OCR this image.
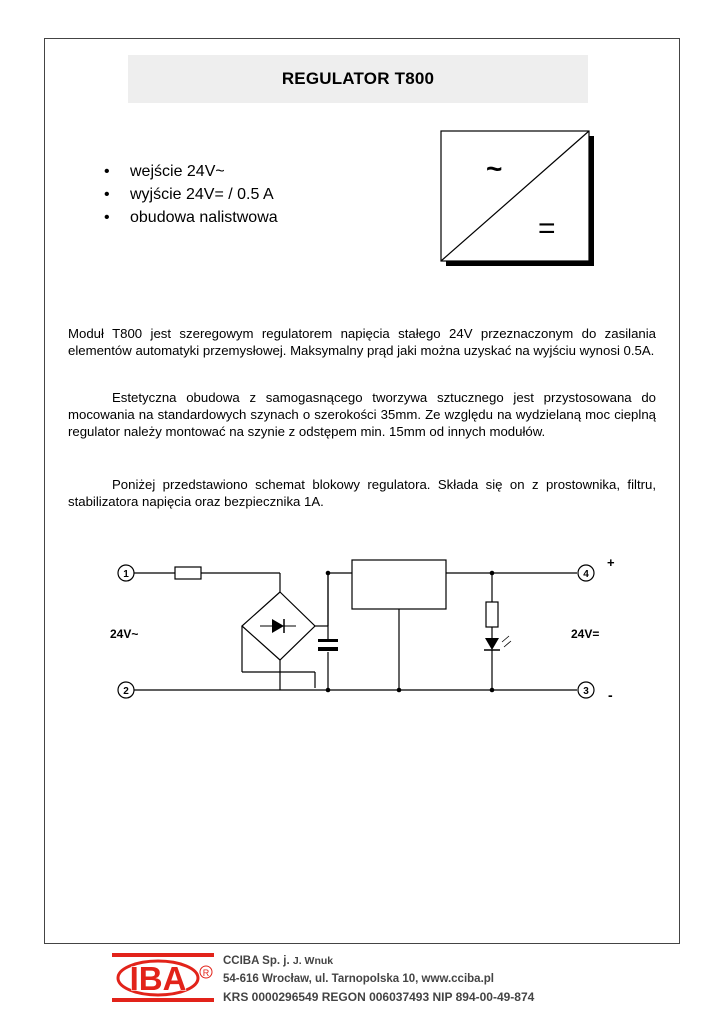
REGULATOR T800
• wejście 24V~
• wyjście 24V= / 0.5 A
• obudowa nalistwowa
~
=

Moduł T800 jest szeregowym regulatorem napięcia stałego 24V przeznaczonym do zasilania elementów automatyki przemysłowej. Maksymalny prąd jaki można uzyskać na wyjściu wynosi 0.5A.

Estetyczna obudowa z samogasnącego tworzywa sztucznego jest przystosowana do mocowania na standardowych szynach o szerokości 35mm. Ze względu na wydzielaną moc cieplną regulator należy montować na szynie z odstępem min. 15mm od innych modułów.

Poniżej przedstawiono schemat blokowy regulatora. Składa się on z prostownika, filtru, stabilizatora napięcia oraz bezpiecznika 1A.

1
2	3
4
24V~	24V=
+
-
IBA R
CCIBA Sp. j. J. Wnuk
54-616 Wrocław, ul. Tarnopolska 10, www.cciba.pl
KRS 0000296549 REGON 006037493 NIP 894-00-49-874
